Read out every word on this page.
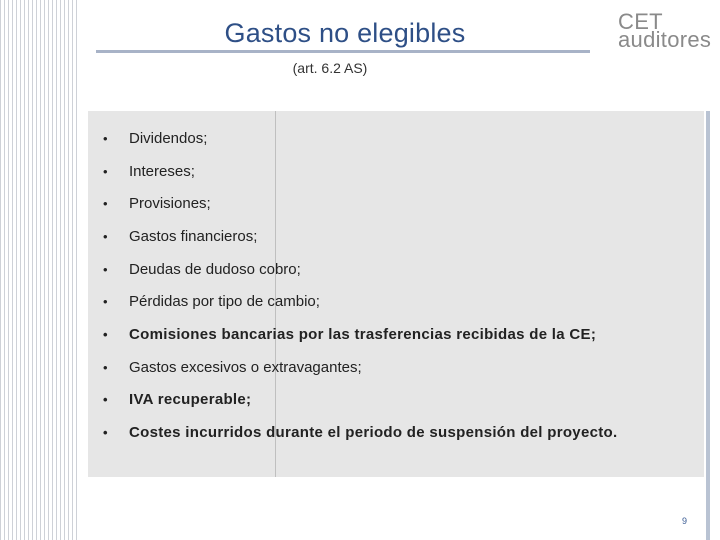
Gastos no elegibles
(art. 6.2 AS)
CET
auditores
•	Dividendos;
•	Intereses;
•	Provisiones;
•	Gastos financieros;
•	Deudas de dudoso cobro;
•	Pérdidas por tipo de cambio;
•	Comisiones bancarias por las trasferencias recibidas de la CE;
•	Gastos excesivos o extravagantes;
•	IVA recuperable;
•	Costes incurridos durante el periodo de suspensión del proyecto.
9
